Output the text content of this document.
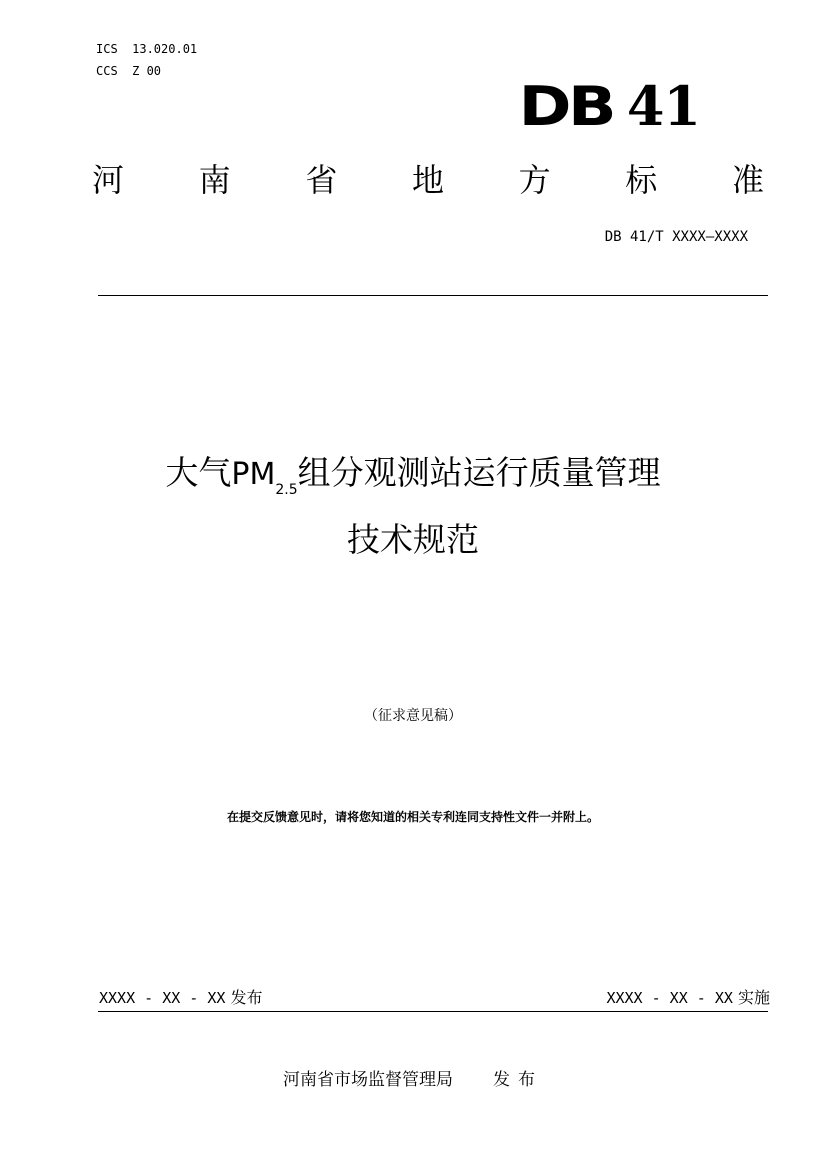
ICS  13.020.01
CCS  Z 00
DB 41
河 南 省 地 方 标 准
DB 41/T XXXX—XXXX
大气$PM_{2.5}$组分观测站运行质量管理
技术规范
（征求意见稿）
在提交反馈意见时，请将您知道的相关专利连同支持性文件一并附上。
XXXX - XX - XX 发布	XXXX - XX - XX 实施
河南省市场监督管理局 发布
